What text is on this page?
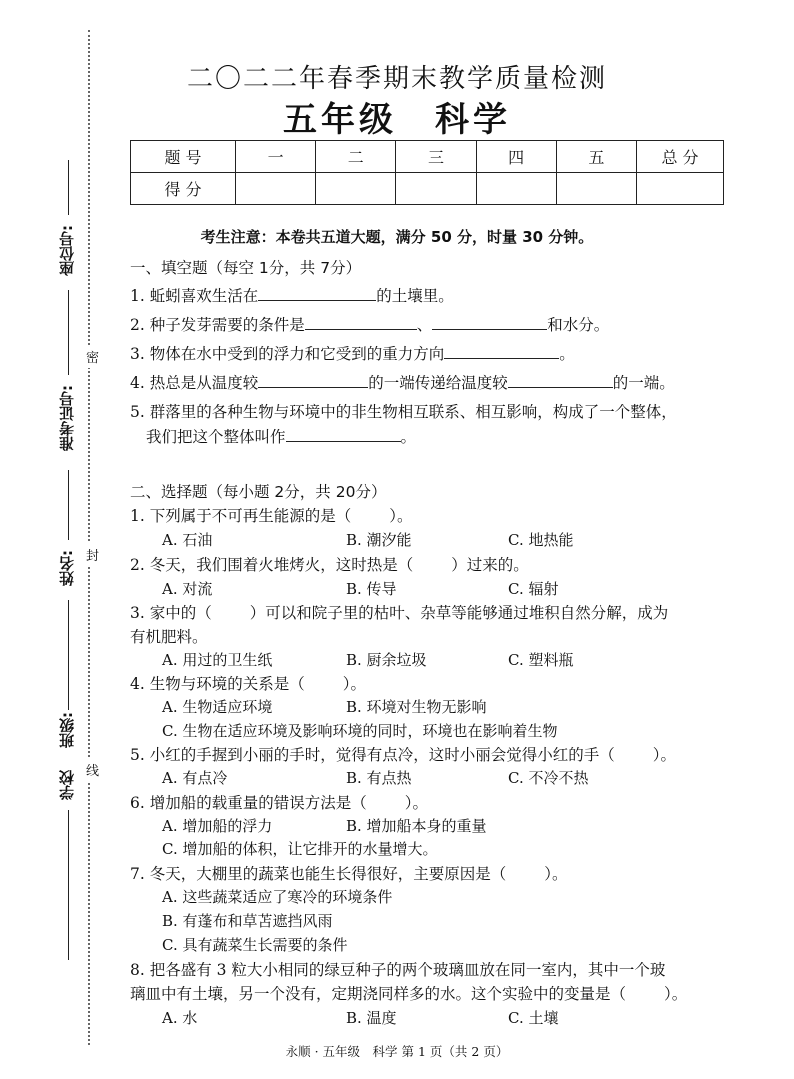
座位号:
准考证号:
姓名:
班级:
学校
密
封
线
二〇二二年春季期末教学质量检测
五年级　科学
题 号	一	二	三	四	五	总 分
得 分						
考生注意：本卷共五道大题，满分 50 分，时量 30 分钟。
一、填空题（每空 1分，共 7分）
1. 蚯蚓喜欢生活在	的土壤里。
2. 种子发芽需要的条件是	、	和水分。
3. 物体在水中受到的浮力和它受到的重力方向	。
4. 热总是从温度较	的一端传递给温度较	的一端。
5. 群落里的各种生物与环境中的非生物相互联系、相互影响，构成了一个整体，
我们把这个整体叫作	。
二、选择题（每小题 2分，共 20分）
1. 下列属于不可再生能源的是（ ）。
A. 石油	B. 潮汐能	C. 地热能
2. 冬天，我们围着火堆烤火，这时热是（ ）过来的。
A. 对流	B. 传导	C. 辐射
3. 家中的（ ）可以和院子里的枯叶、杂草等能够通过堆积自然分解，成为
有机肥料。
A. 用过的卫生纸	B. 厨余垃圾	C. 塑料瓶
4. 生物与环境的关系是（ ）。
A. 生物适应环境	B. 环境对生物无影响
C. 生物在适应环境及影响环境的同时，环境也在影响着生物
5. 小红的手握到小丽的手时，觉得有点冷，这时小丽会觉得小红的手（ ）。
A. 有点冷	B. 有点热	C. 不冷不热
6. 增加船的载重量的错误方法是（ ）。
A. 增加船的浮力	B. 增加船本身的重量
C. 增加船的体积，让它排开的水量增大。
7. 冬天，大棚里的蔬菜也能生长得很好，主要原因是（ ）。
A. 这些蔬菜适应了寒冷的环境条件
B. 有蓬布和草苫遮挡风雨
C. 具有蔬菜生长需要的条件
8. 把各盛有 3 粒大小相同的绿豆种子的两个玻璃皿放在同一室内，其中一个玻
璃皿中有土壤，另一个没有，定期浇同样多的水。这个实验中的变量是（ ）。
A. 水	B. 温度	C. 土壤
永顺 · 五年级　科学 第 1 页（共 2 页）
